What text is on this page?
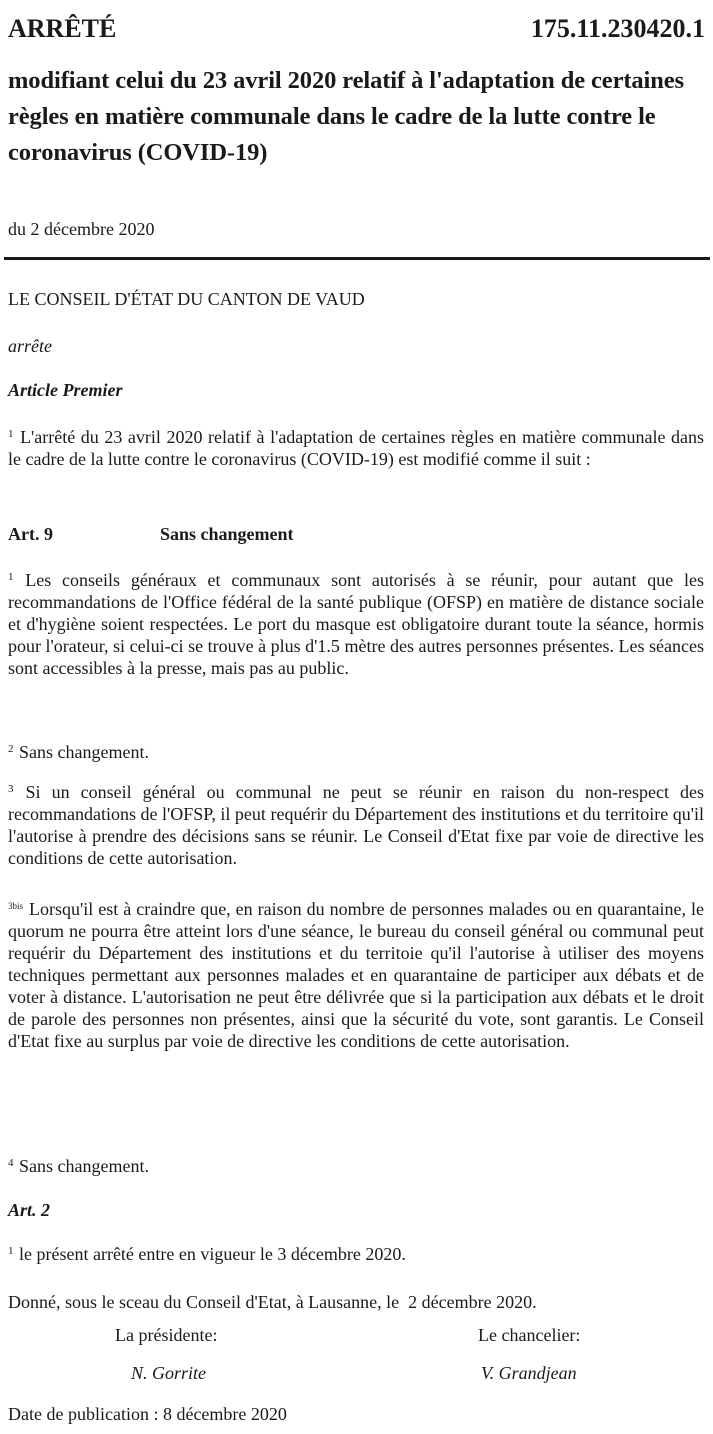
ARRÊTÉ	175.11.230420.1
modifiant celui du 23 avril 2020 relatif à l'adaptation de certaines règles en matière communale dans le cadre de la lutte contre le coronavirus (COVID-19)
du 2 décembre 2020
LE CONSEIL D'ÉTAT DU CANTON DE VAUD
arrête
Article Premier
$^1$ L'arrêté du 23 avril 2020 relatif à l'adaptation de certaines règles en matière communale dans le cadre de la lutte contre le coronavirus (COVID-19) est modifié comme il suit :
Art. 9	Sans changement
$^1$ Les conseils généraux et communaux sont autorisés à se réunir, pour autant que les recommandations de l'Office fédéral de la santé publique (OFSP) en matière de distance sociale et d'hygiène soient respectées. Le port du masque est obligatoire durant toute la séance, hormis pour l'orateur, si celui-ci se trouve à plus d'1.5 mètre des autres personnes présentes. Les séances sont accessibles à la presse, mais pas au public.
$^2$ Sans changement.
$^3$ Si un conseil général ou communal ne peut se réunir en raison du non-respect des recommandations de l'OFSP, il peut requérir du Département des institutions et du territoire qu'il l'autorise à prendre des décisions sans se réunir. Le Conseil d'Etat fixe par voie de directive les conditions de cette autorisation.
$^{3bis}$ Lorsqu'il est à craindre que, en raison du nombre de personnes malades ou en quarantaine, le quorum ne pourra être atteint lors d'une séance, le bureau du conseil général ou communal peut requérir du Département des institutions et du territoie qu'il l'autorise à utiliser des moyens techniques permettant aux personnes malades et en quarantaine de participer aux débats et de voter à distance. L'autorisation ne peut être délivrée que si la participation aux débats et le droit de parole des personnes non présentes, ainsi que la sécurité du vote, sont garantis. Le Conseil d'Etat fixe au surplus par voie de directive les conditions de cette autorisation.
$^4$ Sans changement.
Art. 2
$^1$ le présent arrêté entre en vigueur le 3 décembre 2020.
Donné, sous le sceau du Conseil d'Etat, à Lausanne, le  2 décembre 2020.
La présidente:
N. Gorrite
Le chancelier:
V. Grandjean
Date de publication : 8 décembre 2020
